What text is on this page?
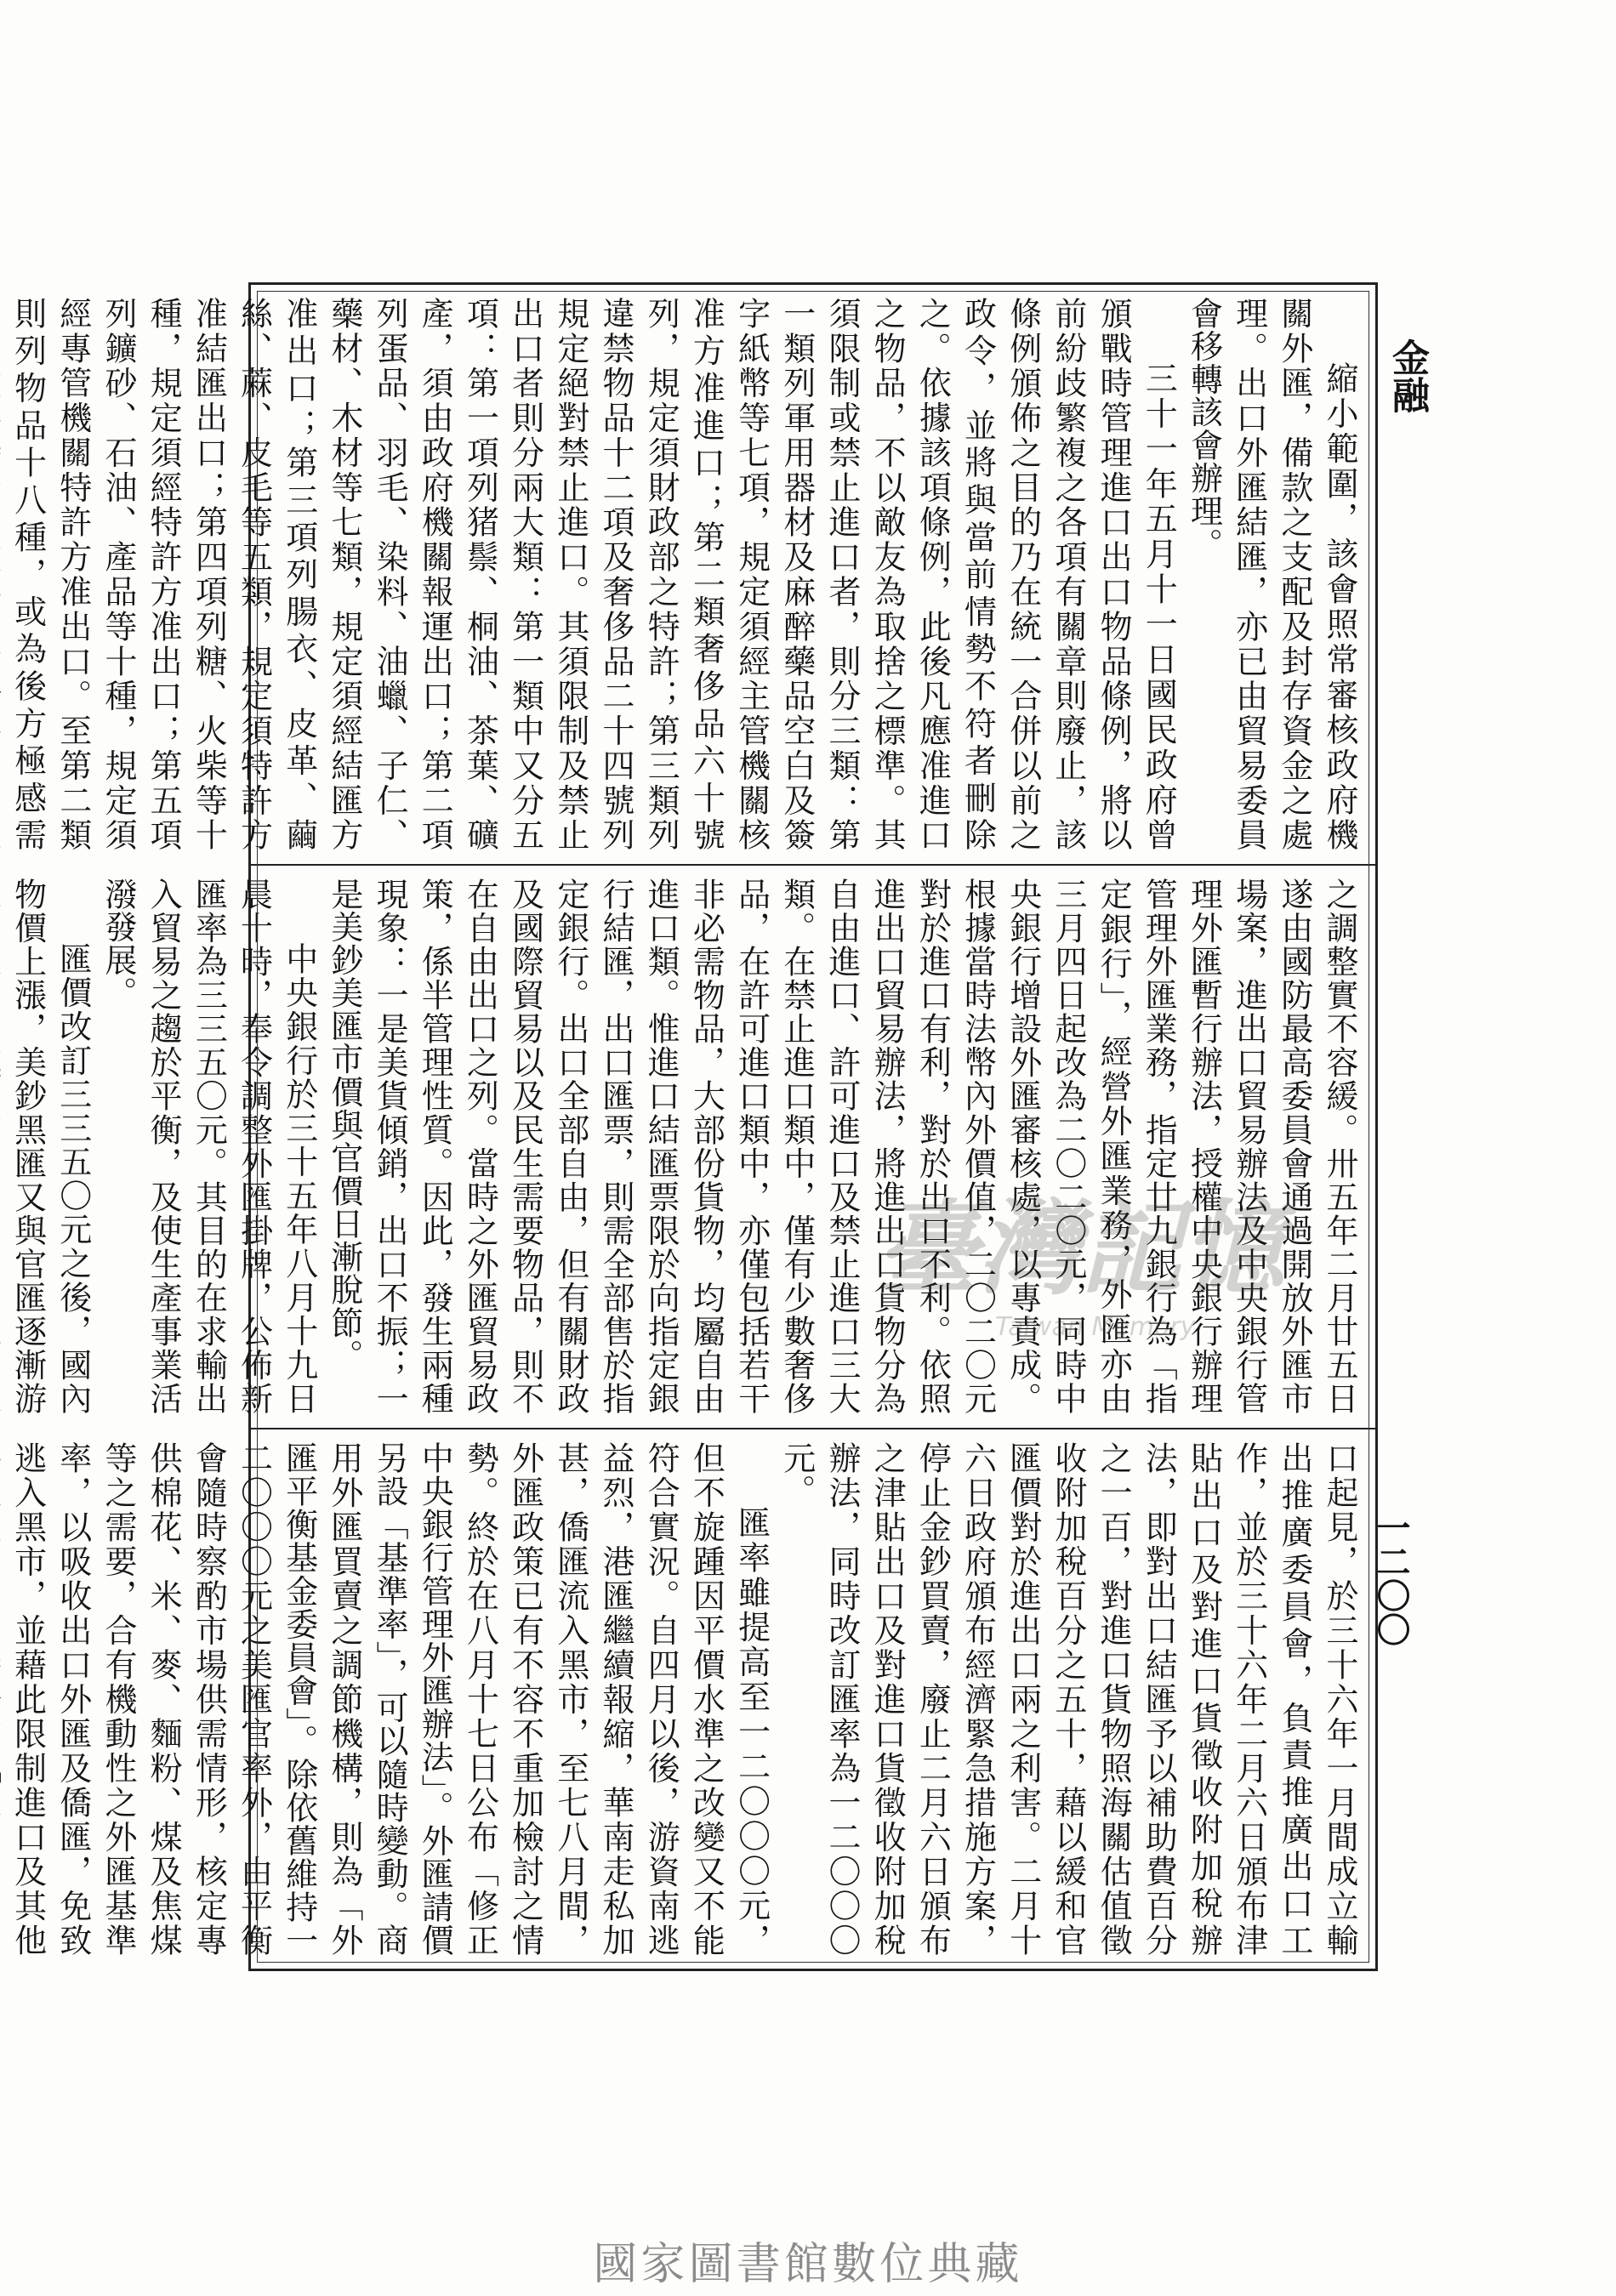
金融
一二〇〇

縮小範圍，該會照常審核政府機關外匯，備款之支配及封存資金之處理。出口外匯結匯，亦已由貿易委員會移轉該會辦理。

三十一年五月十一日國民政府曾頒戰時管理進口出口物品條例，將以前紛歧繁複之各項有關章則廢止，該條例頒佈之目的乃在統一合併以前之政令，並將與當前情勢不符者刪除之。依據該項條例，此後凡應准進口之物品，不以敵友為取捨之標準。其須限制或禁止進口者，則分三類：第一類列軍用器材及麻醉藥品空白及簽字紙幣等七項，規定須經主管機關核准方准進口；第二類奢侈品六十號列，規定須財政部之特許；第三類列違禁物品十二項及奢侈品二十四號列規定絕對禁止進口。其須限制及禁止出口者則分兩大類：第一類中又分五項：第一項列猪鬃、桐油、茶葉、礦產，須由政府機關報運出口；第二項列蛋品、羽毛、染料、油蠟、子仁、藥材、木材等七類，規定須經結匯方准出口；第三項列腸衣、皮革、繭絲、蔴、皮毛等五類，規定須特許方准結匯出口；第四項列糖、火柴等十種，規定須經特許方准出口；第五項列鑛砂、石油、產品等十種，規定須經專管機關特許方准出口。至第二類則列物品十八種，或為後方極感需

之調整實不容緩。卅五年二月廿五日遂由國防最高委員會通過開放外匯市場案，進出口貿易辦法及中央銀行管理外匯暫行辦法，授權中央銀行辦理管理外匯業務，指定廿九銀行為「指定銀行」，經營外匯業務，外匯亦由三月四日起改為二〇二〇元，同時中央銀行增設外匯審核處，以專責成。根據當時法幣內外價值，二〇二〇元對於進口有利，對於出口不利。依照進出口貿易辦法，將進出口貨物分為自由進口、許可進口及禁止進口三大類。在禁止進口類中，僅有少數奢侈品，在許可進口類中，亦僅包括若干非必需物品，大部份貨物，均屬自由進口類。惟進口結匯票限於向指定銀行結匯，出口匯票，則需全部售於指定銀行。出口全部自由，但有關財政及國際貿易以及民生需要物品，則不在自由出口之列。當時之外匯貿易政策，係半管理性質。因此，發生兩種現象：一是美貨傾銷，出口不振；一是美鈔美匯市價與官價日漸脫節。

中央銀行於三十五年八月十九日晨十時，奉令調整外匯掛牌，公佈新匯率為三三五〇元。其目的在求輸出入貿易之趨於平衡，及使生產事業活潑發展。

匯價改訂三三五〇元之後，國內物價上漲，美鈔黑匯又與官匯逐漸游

口起見，於三十六年一月間成立輸出推廣委員會，負責推廣出口工作，並於三十六年二月六日頒布津貼出口及對進口貨徵收附加稅辦法，即對出口結匯予以補助費百分之一百，對進口貨物照海關估值徵收附加稅百分之五十，藉以緩和官匯價對於進出口兩之利害。二月十六日政府頒布經濟緊急措施方案，停止金鈔買賣，廢止二月六日頒布之津貼出口及對進口貨徵收附加稅辦法，同時改訂匯率為一二〇〇〇元。

匯率雖提高至一二〇〇〇元，但不旋踵因平價水準之改變又不能符合實況。自四月以後，游資南逃益烈，港匯繼續報縮，華南走私加甚，僑匯流入黑市，至七八月間，外匯政策已有不容不重加檢討之情勢。終於在八月十七日公布「修正中央銀行管理外匯辦法」。外匯請價另設「基準率」，可以隨時變動。商用外匯買賣之調節機構，則為「外匯平衡基金委員會」。除依舊維持一二〇〇〇元之美匯官率外，由平衡會隨時察酌市場供需情形，核定專供棉花、米、麥、麵粉、煤及焦煤等之需要，合有機動性之外匯基準率，以吸收出口外匯及僑匯，免致逃入黑市，並藉此限制進口及其他

臺灣記憶
Taiwan Memory
國家圖書館數位典藏
